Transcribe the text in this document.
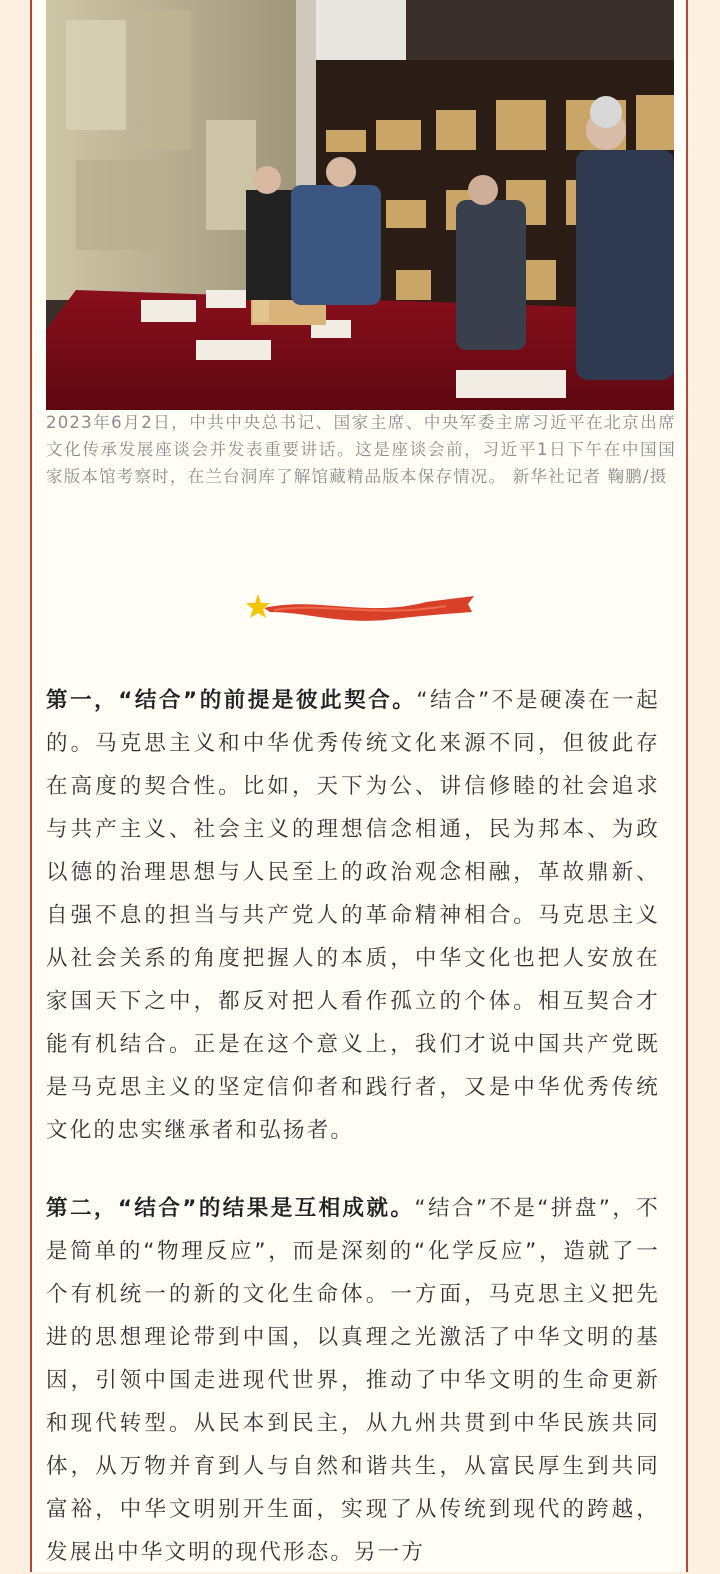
2023年6月2日，中共中央总书记、国家主席、中央军委主席习近平在北京出席文化传承发展座谈会并发表重要讲话。这是座谈会前，习近平1日下午在中国国家版本馆考察时，在兰台洞库了解馆藏精品版本保存情况。 新华社记者 鞠鹏/摄
第一，“结合”的前提是彼此契合。“结合”不是硬凑在一起的。马克思主义和中华优秀传统文化来源不同，但彼此存在高度的契合性。比如，天下为公、讲信修睦的社会追求与共产主义、社会主义的理想信念相通，民为邦本、为政以德的治理思想与人民至上的政治观念相融，革故鼎新、自强不息的担当与共产党人的革命精神相合。马克思主义从社会关系的角度把握人的本质，中华文化也把人安放在家国天下之中，都反对把人看作孤立的个体。相互契合才能有机结合。正是在这个意义上，我们才说中国共产党既是马克思主义的坚定信仰者和践行者，又是中华优秀传统文化的忠实继承者和弘扬者。
第二，“结合”的结果是互相成就。“结合”不是“拼盘”，不是简单的“物理反应”，而是深刻的“化学反应”，造就了一个有机统一的新的文化生命体。一方面，马克思主义把先进的思想理论带到中国，以真理之光激活了中华文明的基因，引领中国走进现代世界，推动了中华文明的生命更新和现代转型。从民本到民主，从九州共贯到中华民族共同体，从万物并育到人与自然和谐共生，从富民厚生到共同富裕，中华文明别开生面，实现了从传统到现代的跨越，发展出中华文明的现代形态。另一方
